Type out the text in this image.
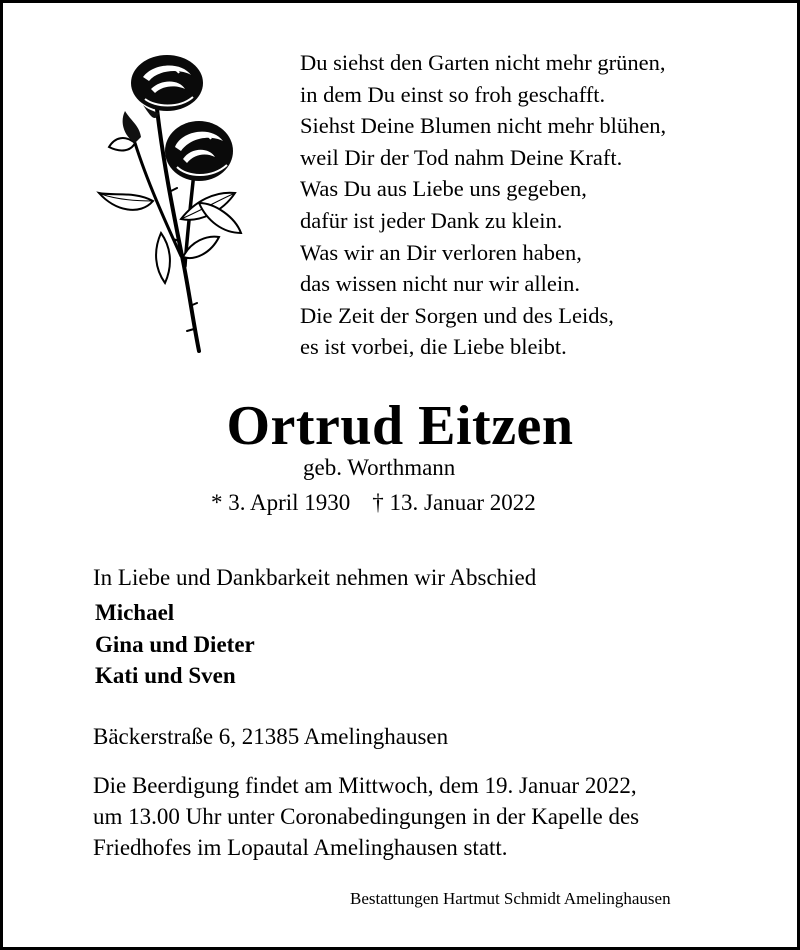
Du siehst den Garten nicht mehr grünen,
in dem Du einst so froh geschafft.
Siehst Deine Blumen nicht mehr blühen,
weil Dir der Tod nahm Deine Kraft.
Was Du aus Liebe uns gegeben,
dafür ist jeder Dank zu klein.
Was wir an Dir verloren haben,
das wissen nicht nur wir allein.
Die Zeit der Sorgen und des Leids,
es ist vorbei, die Liebe bleibt.
Ortrud Eitzen
geb. Worthmann
* 3. April 1930 † 13. Januar 2022
In Liebe und Dankbarkeit nehmen wir Abschied
Michael
Gina und Dieter
Kati und Sven
Bäckerstraße 6, 21385 Amelinghausen
Die Beerdigung findet am Mittwoch, dem 19. Januar 2022,
um 13.00 Uhr unter Coronabedingungen in der Kapelle des
Friedhofes im Lopautal Amelinghausen statt.
Bestattungen Hartmut Schmidt Amelinghausen
